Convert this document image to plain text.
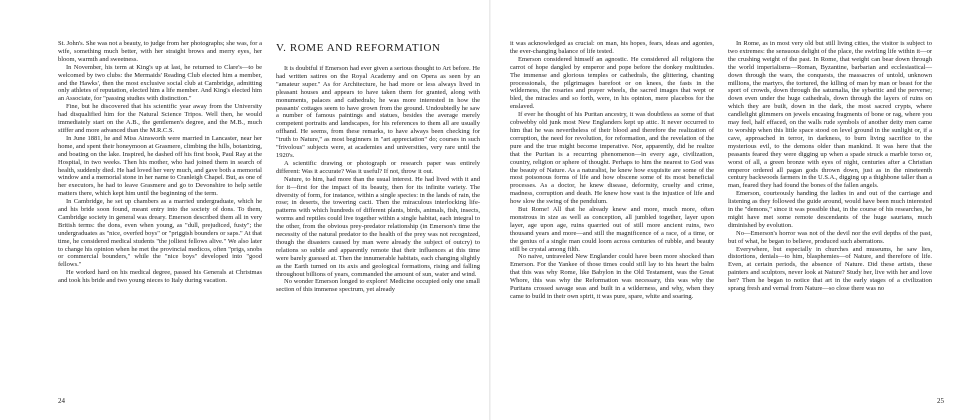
St. John's. She was not a beauty, to judge from her photographs; she was, for a wife, something much better, with her straight brows and merry eyes, her bloom, warmth and sweetness.

In November, his term at King's up at last, he returned to Clare's—to be welcomed by two clubs: the Mermaids' Reading Club elected him a member, and the Hawks', then the most exclusive social club at Cambridge, admitting only athletes of reputation, elected him a life member. And King's elected him an Associate, for "passing studies with distinction."

Fine, but he discovered that his scientific year away from the University had disqualified him for the Natural Science Tripos. Well then, he would immediately start on the A.B., the gentlemen's degree, and the M.B., much stiffer and more advanced than the M.R.C.S.

In June 1881, he and Miss Ainsworth were married in Lancaster, near her home, and spent their honeymoon at Grasmere, climbing the hills, botanizing, and boating on the lake. Inspired, he dashed off his first book, Paul Ray at the Hospital, in two weeks. Then his mother, who had joined them in search of health, suddenly died. He had loved her very much, and gave both a memorial window and a memorial stone in her name to Cranleigh Chapel. But, as one of her executors, he had to leave Grasmere and go to Devonshire to help settle matters there, which kept him until the beginning of the term.

In Cambridge, he set up chambers as a married undergraduate, which he and his bride soon found, meant entry into the society of dons. To them, Cambridge society in general was dreary. Emerson described them all in very British terms: the dons, even when young, as "dull, prejudiced, fusty"; the undergraduates as "nice, overfed boys" or "priggish bounders or saps." At that time, he considered medical students "the jolliest fellows alive." We also later to change his opinion when he met the provincial medicos, often "prigs, snobs or commercial bounders," while the "nice boys" developed into "good fellows."

He worked hard on his medical degree, passed his Generals at Christmas and took his bride and two young nieces to Italy during vacation.

V. ROME AND REFORMATION

It is doubtful if Emerson had ever given a serious thought to Art before. He had written satires on the Royal Academy and on Opera as seen by an "amateur super." As for Architecture, he had more or less always lived in pleasant houses and appears to have taken them for granted, along with monuments, palaces and cathedrals; he was more interested in how the peasants' cottages seem to have grown from the ground. Undoubtedly he saw a number of famous paintings and statues, besides the average merely competent portraits and landscapes, for his references to them all are usually offhand. He seems, from these remarks, to have always been checking for "truth to Nature," as most beginners in "art appreciation" do; courses in such "frivolous" subjects were, at academies and universities, very rare until the 1920's.

A scientific drawing or photograph or research paper was entirely different: Was it accurate? Was it useful? If not, throw it out.

Nature, to him, had more than the usual interest. He had lived with it and for it—first for the impact of its beauty, then for its infinite variety. The diversity of form, for instance, within a single species: in the lands of rain, the rose; in deserts, the towering cacti. Then the miraculous interlocking life-patterns with which hundreds of different plants, birds, animals, fish, insects, worms and reptiles could live together within a single habitat, each integral to the other, from the obvious prey-predator relationship (in Emerson's time the necessity of the natural predator to the health of the prey was not recognized, though the disasters caused by man were already the subject of outcry) to relations so subtle and apparently remote that their influences at this time were barely guessed at. Then the innumerable habitats, each changing slightly as the Earth turned on its axis and geological formations, rising and falling throughout billions of years, commanded the amount of sun, water and wind.

No wonder Emerson longed to explore! Medicine occupied only one small section of this immense spectrum, yet already

24

it was acknowledged as crucial: on man, his hopes, fears, ideas and agonies, the ever-changing balance of life tested.

Emerson considered himself an agnostic. He considered all religions the carrot of hope dangled by emperor and pope before the donkey multitudes. The immense and glorious temples or cathedrals, the glittering, chanting processionals, the pilgrimages barefoot or on knees, the fasts in the wilderness, the rosaries and prayer wheels, the sacred images that wept or bled, the miracles and so forth, were, in his opinion, mere placebos for the enslaved.

If ever he thought of his Puritan ancestry, it was doubtless as some of that cobwebby old junk most New Englanders kept up attic. It never occurred to him that he was nevertheless of their blood and therefore the realization of corruption, the need for revolution, for reformation, and the revelation of the pure and the true might become imperative. Nor, apparently, did he realize that the Puritan is a recurring phenomenon—in every age, civilization, country, religion or sphere of thought. Perhaps to him the nearest to God was the beauty of Nature. As a naturalist, he knew how exquisite are some of the most poisonous forms of life and how obscene some of its most beneficial processes. As a doctor, he knew disease, deformity, cruelty and crime, madness, corruption and death. He knew how vast is the injustice of life and how slow the swing of the pendulum.

But Rome! All that he already knew and more, much more, often monstrous in size as well as conception, all jumbled together, layer upon layer, age upon age, ruins quarried out of still more ancient ruins, two thousand years and more—and still the magnificence of a race, of a time, or the genius of a single man could loom across centuries of rubble, and beauty still be crystal among filth.

No naive, untraveled New Englander could have been more shocked than Emerson. For the Yankee of those times could still lay to his heart the balm that this was why Rome, like Babylon in the Old Testament, was the Great Whore, this was why the Reformation was necessary, this was why the Puritans crossed savage seas and built in a wilderness, and why, when they came to build in their own spirit, it was pure, spare, white and soaring.

In Rome, as in most very old but still living cities, the visitor is subject to two extremes: the sensuous delight of the place, the swirling life within it—or the crushing weight of the past. In Rome, that weight can bear down through the world imperialisms—Roman, Byzantine, barbarian and ecclesiastical—down through the wars, the conquests, the massacres of untold, unknown millions, the martyrs, the tortured, the killing of man by man or beast for the sport of crowds, down through the saturnalia, the sybaritic and the perverse; down even under the huge cathedrals, down through the layers of ruins on which they are built, down in the dark, the most sacred crypts, where candlelight glimmers on jewels encasing fragments of bone or rag, where you may feel, half effaced, on the walls rude symbols of another deity men came to worship when this little space stood on level ground in the sunlight or, if a cave, approached in terror, in darkness, to burn living sacrifice to the mysterious evil, to the demons older than mankind. It was here that the peasants feared they were digging up when a spade struck a marble torso or, worst of all, a green bronze with eyes of night, centuries after a Christian emperor ordered all pagan gods thrown down, just as in the nineteenth century backwoods farmers in the U.S.A., digging up a thighbone taller than a man, feared they had found the bones of the fallen angels.

Emerson, courteously handing the ladies in and out of the carriage and listening as they followed the guide around, would have been much interested in the "demons," since it was possible that, in the course of his researches, he might have met some remote descendants of the huge saurians, much diminished by evolution.

No—Emerson's horror was not of the devil nor the evil depths of the past, but of what, he began to believe, produced such aberrations.

Everywhere, but especially in churches and museums, he saw lies, distortions, denials—to him, blasphemies—of Nature, and therefore of life. Even, at certain periods, the absence of Nature. Did these artists, these painters and sculptors, never look at Nature? Study her, live with her and love her? Then he began to notice that art in the early stages of a civilization sprang fresh and vernal from Nature—so close there was no

25
